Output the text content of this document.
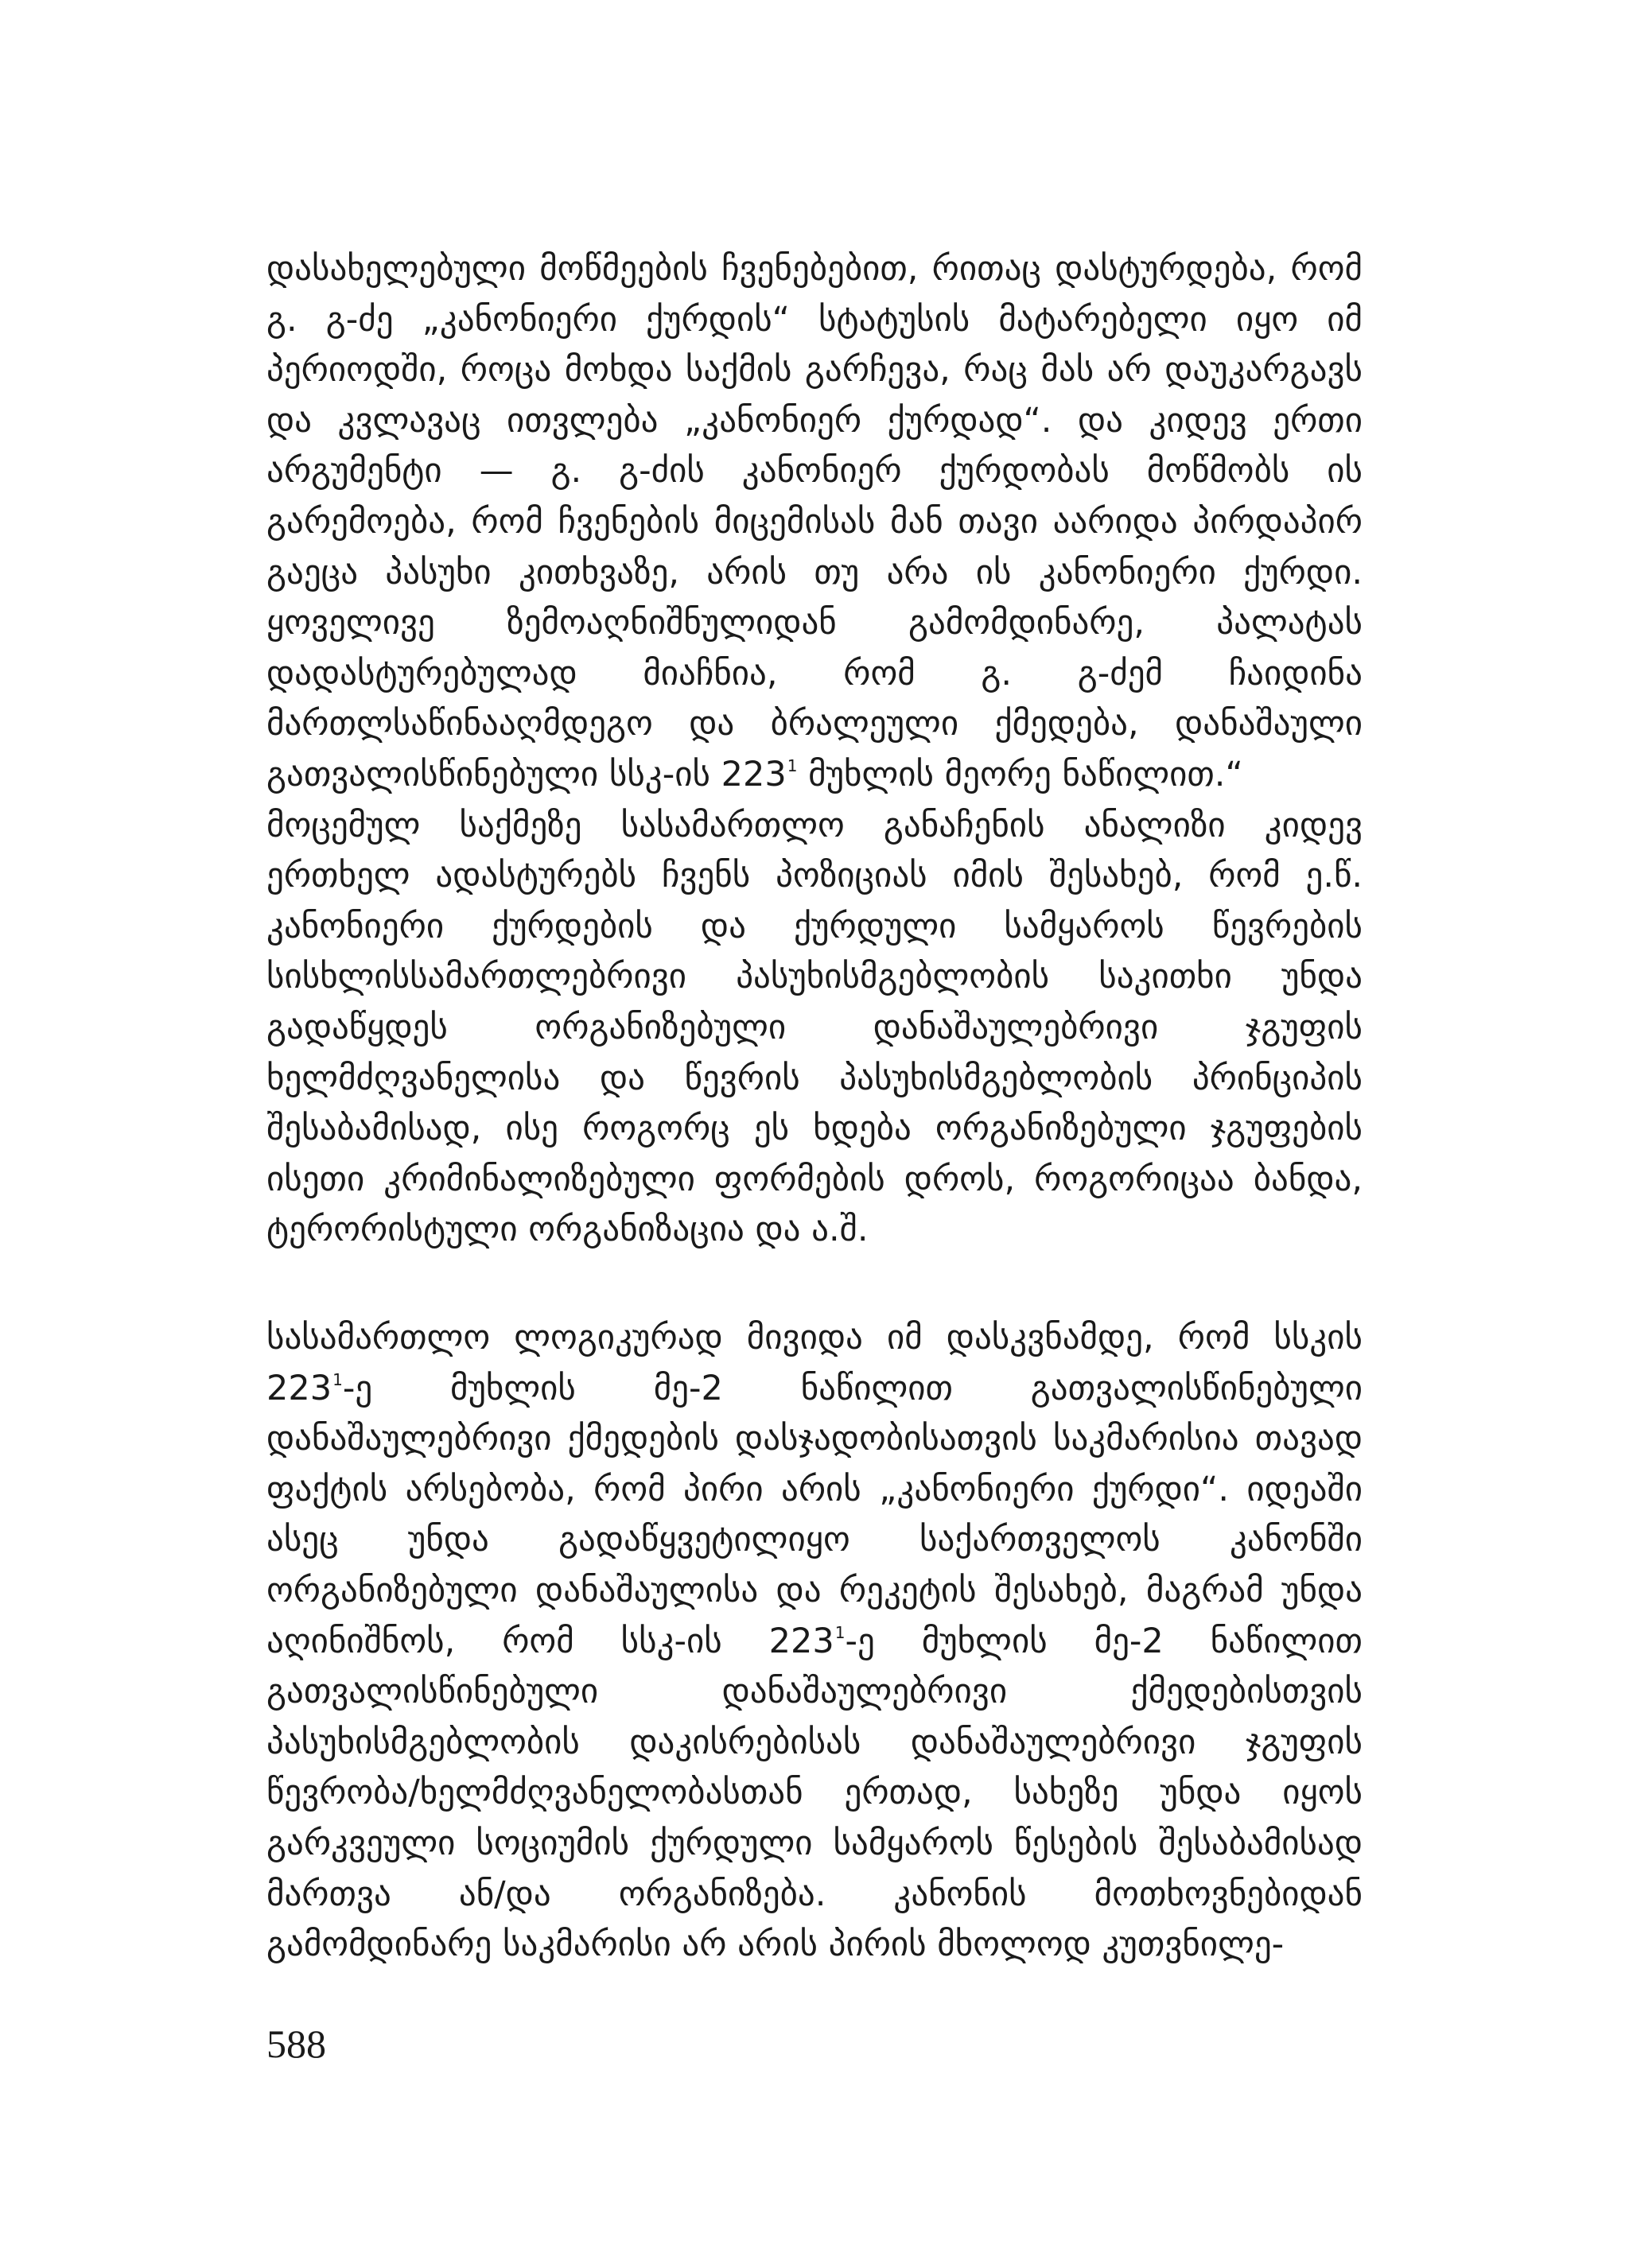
დასახელებული მოწმეების ჩვენებებით, რითაც დასტურდება, რომ გ. გ-ძე „კანონიერი ქურდის“ სტატუსის მატარებელი იყო იმ პერიოდში, როცა მოხდა საქმის გარჩევა, რაც მას არ დაუკარგავს და კვლავაც ითვლება „კანონიერ ქურდად“. და კიდევ ერთი არგუმენტი — გ. გ-ძის კანონიერ ქურდობას მოწმობს ის გარემოება, რომ ჩვენების მიცემისას მან თავი აარიდა პირდაპირ გაეცა პასუხი კითხვაზე, არის თუ არა ის კანონიერი ქურდი. ყოველივე ზემოაღნიშნულიდან გამომდინარე, პალატას დადასტურებულად მიაჩნია, რომ გ. გ-ძემ ჩაიდინა მართლსაწინააღმდეგო და ბრალეული ქმედება, დანაშაული გათვალისწინებული სსკ-ის $223^1$ მუხლის მეორე ნაწილით.“

მოცემულ საქმეზე სასამართლო განაჩენის ანალიზი კიდევ ერთხელ ადასტურებს ჩვენს პოზიციას იმის შესახებ, რომ ე.წ. კანონიერი ქურდების და ქურდული სამყაროს წევრების სისხლისსამართლებრივი პასუხისმგებლობის საკითხი უნდა გადაწყდეს ორგანიზებული დანაშაულებრივი ჯგუფის ხელმძღვანელისა და წევრის პასუხისმგებლობის პრინციპის შესაბამისად, ისე როგორც ეს ხდება ორგანიზებული ჯგუფების ისეთი კრიმინალიზებული ფორმების დროს, როგორიცაა ბანდა, ტერორისტული ორგანიზაცია და ა.შ.

სასამართლო ლოგიკურად მივიდა იმ დასკვნამდე, რომ სსკის $223^1-ე$ მუხლის მე-2 ნაწილით გათვალისწინებული დანაშაულებრივი ქმედების დასჯადობისათვის საკმარისია თავად ფაქტის არსებობა, რომ პირი არის „კანონიერი ქურდი“. იდეაში ასეც უნდა გადაწყვეტილიყო საქართველოს კანონში ორგანიზებული დანაშაულისა და რეკეტის შესახებ, მაგრამ უნდა აღინიშნოს, რომ სსკ-ის $223^1-ე$ მუხლის მე-2 ნაწილით გათვალისწინებული დანაშაულებრივი ქმედებისთვის პასუხისმგებლობის დაკისრებისას დანაშაულებრივი ჯგუფის წევრობა/ხელმძღვანელობასთან ერთად, სახეზე უნდა იყოს გარკვეული სოციუმის ქურდული სამყაროს წესების შესაბამისად მართვა ან/და ორგანიზება. კანონის მოთხოვნებიდან გამომდინარე საკმარისი არ არის პირის მხოლოდ კუთვნილე-

588
